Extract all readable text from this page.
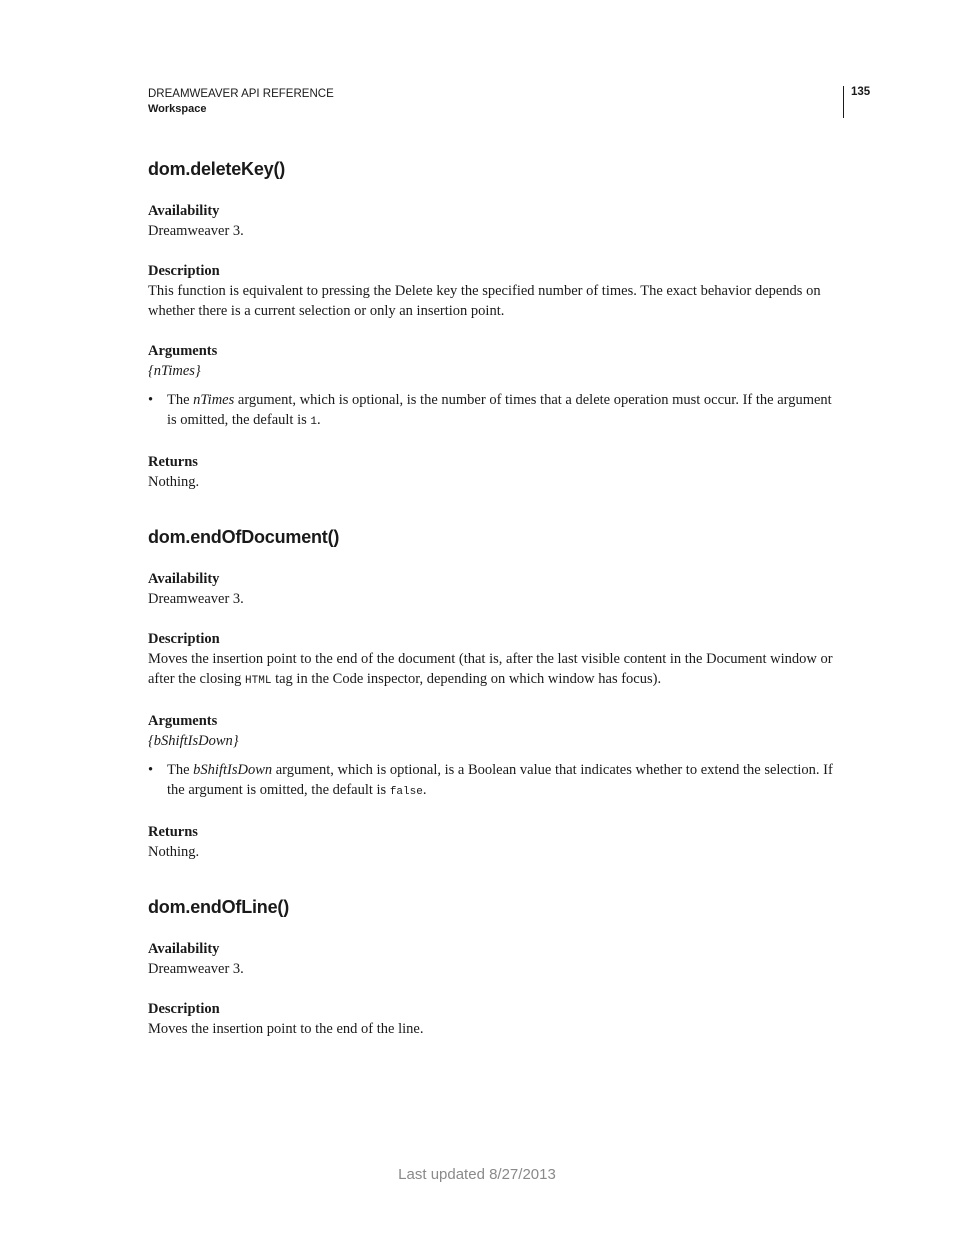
DREAMWEAVER API REFERENCE
Workspace
135
dom.deleteKey()
Availability

Dreamweaver 3.

Description

This function is equivalent to pressing the Delete key the specified number of times. The exact behavior depends on whether there is a current selection or only an insertion point.

Arguments

{nTimes}

• The nTimes argument, which is optional, is the number of times that a delete operation must occur. If the argument is omitted, the default is 1.
Returns

Nothing.

dom.endOfDocument()
Availability

Dreamweaver 3.

Description

Moves the insertion point to the end of the document (that is, after the last visible content in the Document window or after the closing HTML tag in the Code inspector, depending on which window has focus).

Arguments

{bShiftIsDown}

• The bShiftIsDown argument, which is optional, is a Boolean value that indicates whether to extend the selection. If the argument is omitted, the default is false.
Returns

Nothing.

dom.endOfLine()
Availability

Dreamweaver 3.

Description

Moves the insertion point to the end of the line.

Last updated 8/27/2013
